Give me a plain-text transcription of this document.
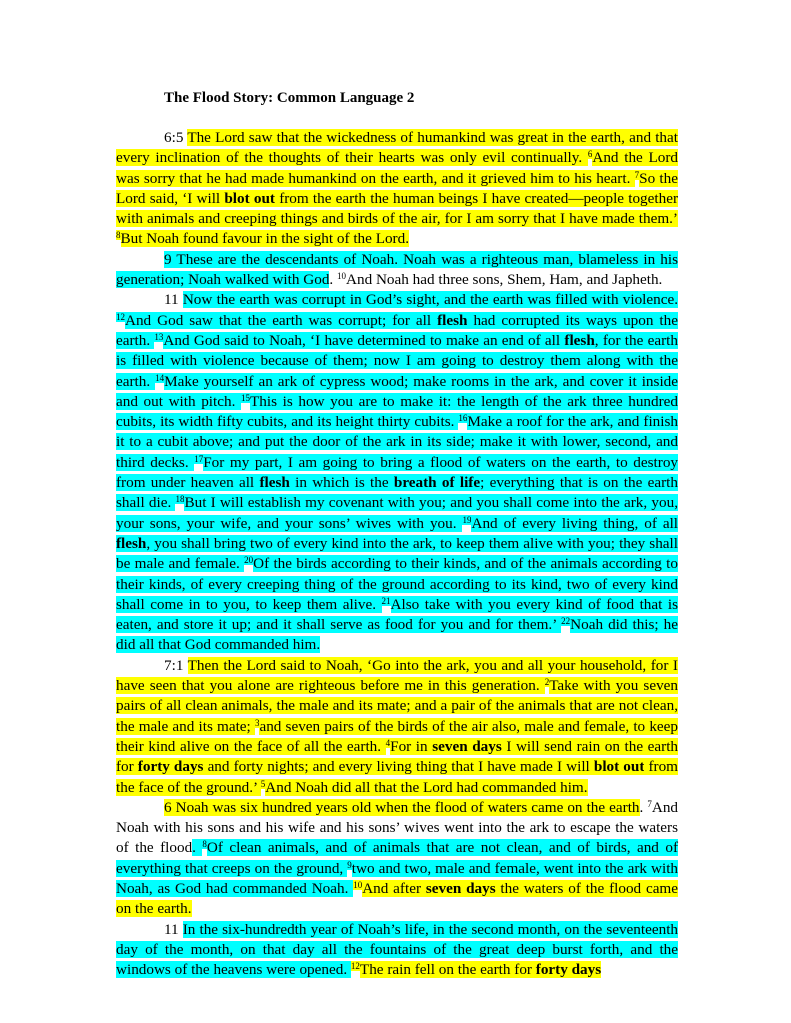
The Flood Story: Common Language 2

6:5 The Lord saw that the wickedness of humankind was great in the earth, and that every inclination of the thoughts of their hearts was only evil continually. $^6$And the Lord was sorry that he had made humankind on the earth, and it grieved him to his heart. $^7$So the Lord said, ‘I will blot out from the earth the human beings I have created—people together with animals and creeping things and birds of the air, for I am sorry that I have made them.’ $^8$But Noah found favour in the sight of the Lord.

9 These are the descendants of Noah. Noah was a righteous man, blameless in his generation; Noah walked with God. $^{10}$And Noah had three sons, Shem, Ham, and Japheth.

11 Now the earth was corrupt in God’s sight, and the earth was filled with violence. $^{12}$And God saw that the earth was corrupt; for all flesh had corrupted its ways upon the earth. $^{13}$And God said to Noah, ‘I have determined to make an end of all flesh, for the earth is filled with violence because of them; now I am going to destroy them along with the earth. $^{14}$Make yourself an ark of cypress wood; make rooms in the ark, and cover it inside and out with pitch. $^{15}$This is how you are to make it: the length of the ark three hundred cubits, its width fifty cubits, and its height thirty cubits. $^{16}$Make a roof for the ark, and finish it to a cubit above; and put the door of the ark in its side; make it with lower, second, and third decks. $^{17}$For my part, I am going to bring a flood of waters on the earth, to destroy from under heaven all flesh in which is the breath of life; everything that is on the earth shall die. $^{18}$But I will establish my covenant with you; and you shall come into the ark, you, your sons, your wife, and your sons’ wives with you. $^{19}$And of every living thing, of all flesh, you shall bring two of every kind into the ark, to keep them alive with you; they shall be male and female. $^{20}$Of the birds according to their kinds, and of the animals according to their kinds, of every creeping thing of the ground according to its kind, two of every kind shall come in to you, to keep them alive. $^{21}$Also take with you every kind of food that is eaten, and store it up; and it shall serve as food for you and for them.’ $^{22}$Noah did this; he did all that God commanded him.

7:1 Then the Lord said to Noah, ‘Go into the ark, you and all your household, for I have seen that you alone are righteous before me in this generation. $^2$Take with you seven pairs of all clean animals, the male and its mate; and a pair of the animals that are not clean, the male and its mate; $^3$and seven pairs of the birds of the air also, male and female, to keep their kind alive on the face of all the earth. $^4$For in seven days I will send rain on the earth for forty days and forty nights; and every living thing that I have made I will blot out from the face of the ground.’ $^5$And Noah did all that the Lord had commanded him.

6 Noah was six hundred years old when the flood of waters came on the earth. $^7$And Noah with his sons and his wife and his sons’ wives went into the ark to escape the waters of the flood. $^8$Of clean animals, and of animals that are not clean, and of birds, and of everything that creeps on the ground, $^9$two and two, male and female, went into the ark with Noah, as God had commanded Noah. $^{10}$And after seven days the waters of the flood came on the earth.

11 In the six-hundredth year of Noah’s life, in the second month, on the seventeenth day of the month, on that day all the fountains of the great deep burst forth, and the windows of the heavens were opened. $^{12}$The rain fell on the earth for forty days
